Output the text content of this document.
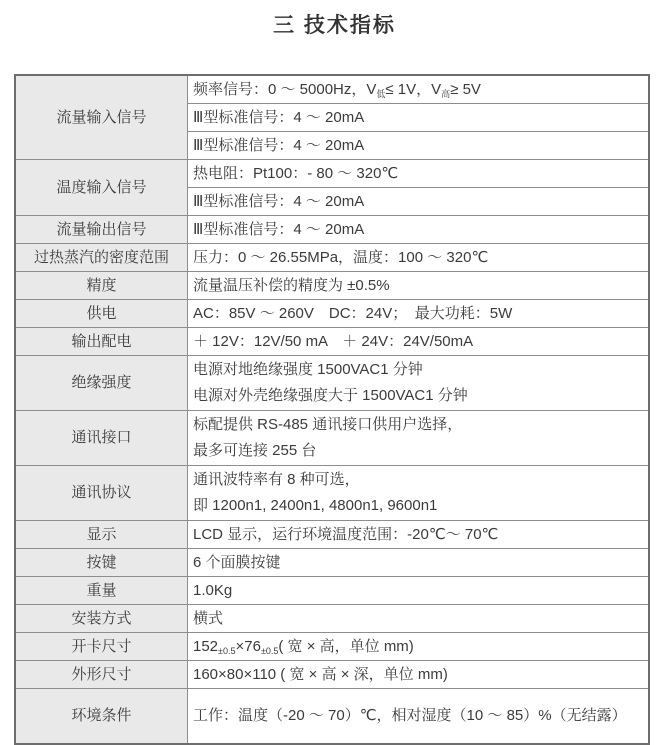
三 技术指标
流量输入信号	频率信号：0 ～ 5000Hz，$V_低\le 1V$，$V_高\ge 5V$
	Ⅲ型标准信号：4 ～ 20mA
	Ⅲ型标准信号：4 ～ 20mA
温度输入信号	热电阻：Pt100：- 80 ～ 320℃
	Ⅲ型标准信号：4 ～ 20mA
流量输出信号	Ⅲ型标准信号：4 ～ 20mA
过热蒸汽的密度范围	压力：0 ～ 26.55MPa，温度：100 ～ 320℃
精度	流量温压补偿的精度为 ±0.5%
供电	AC：85V ～ 260V　DC：24V；　最大功耗：5W
输出配电	＋ 12V：12V/50 mA　＋ 24V：24V/50mA
绝缘强度	电源对地绝缘强度 1500VAC1 分钟
电源对外壳绝缘强度大于 1500VAC1 分钟

通讯接口	标配提供 RS-485 通讯接口供用户选择，
最多可连接 255 台

通讯协议	通讯波特率有 8 种可选，
即 1200n1, 2400n1, 4800n1, 9600n1

显示	LCD 显示，运行环境温度范围：-20℃～ 70℃
按键	6 个面膜按键
重量	1.0Kg
安装方式	横式
开卡尺寸	$152_{\pm 0.5}\times 76_{\pm 0.5}$( 宽 × 高，单位 mm)
外形尺寸	160×80×110 ( 宽 × 高 × 深，单位 mm)
环境条件	工作：温度（-20 ～ 70）℃，相对湿度（10 ～ 85）%（无结露）
